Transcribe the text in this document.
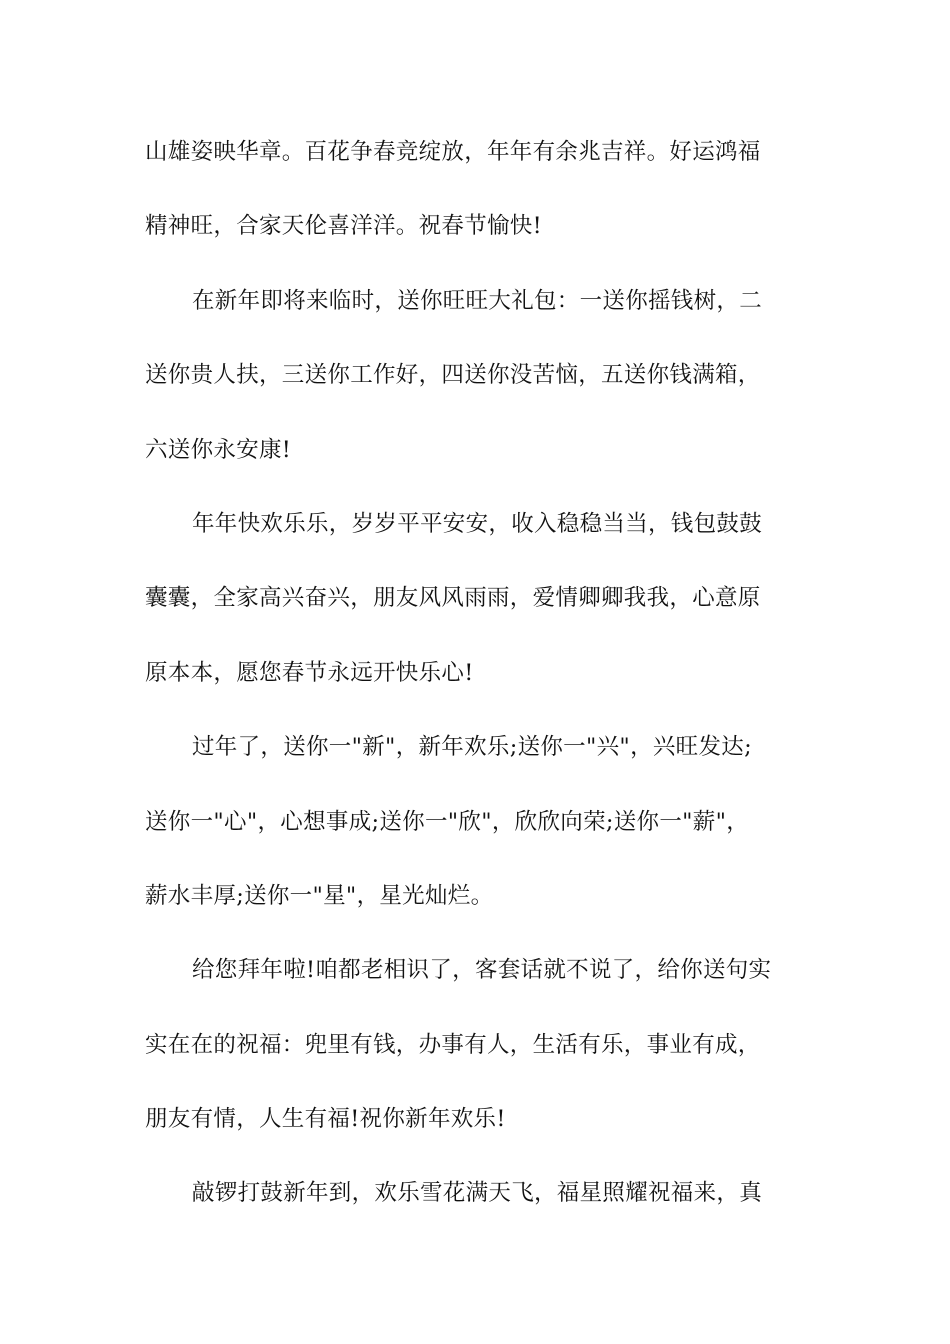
山雄姿映华章。百花争春竞绽放，年年有余兆吉祥。好运鸿福
精神旺，合家天伦喜洋洋。祝春节愉快!
在新年即将来临时，送你旺旺大礼包：一送你摇钱树，二
送你贵人扶，三送你工作好，四送你没苦恼，五送你钱满箱，
六送你永安康!
年年快欢乐乐，岁岁平平安安，收入稳稳当当，钱包鼓鼓
囊囊，全家高兴奋兴，朋友风风雨雨，爱情卿卿我我，心意原
原本本，愿您春节永远开快乐心!
过年了，送你一"新"，新年欢乐;送你一"兴"，兴旺发达;
送你一"心"，心想事成;送你一"欣"，欣欣向荣;送你一"薪"，
薪水丰厚;送你一"星"，星光灿烂。
给您拜年啦!咱都老相识了，客套话就不说了，给你送句实
实在在的祝福：兜里有钱，办事有人，生活有乐，事业有成，
朋友有情，人生有福!祝你新年欢乐!
敲锣打鼓新年到，欢乐雪花满天飞，福星照耀祝福来，真
